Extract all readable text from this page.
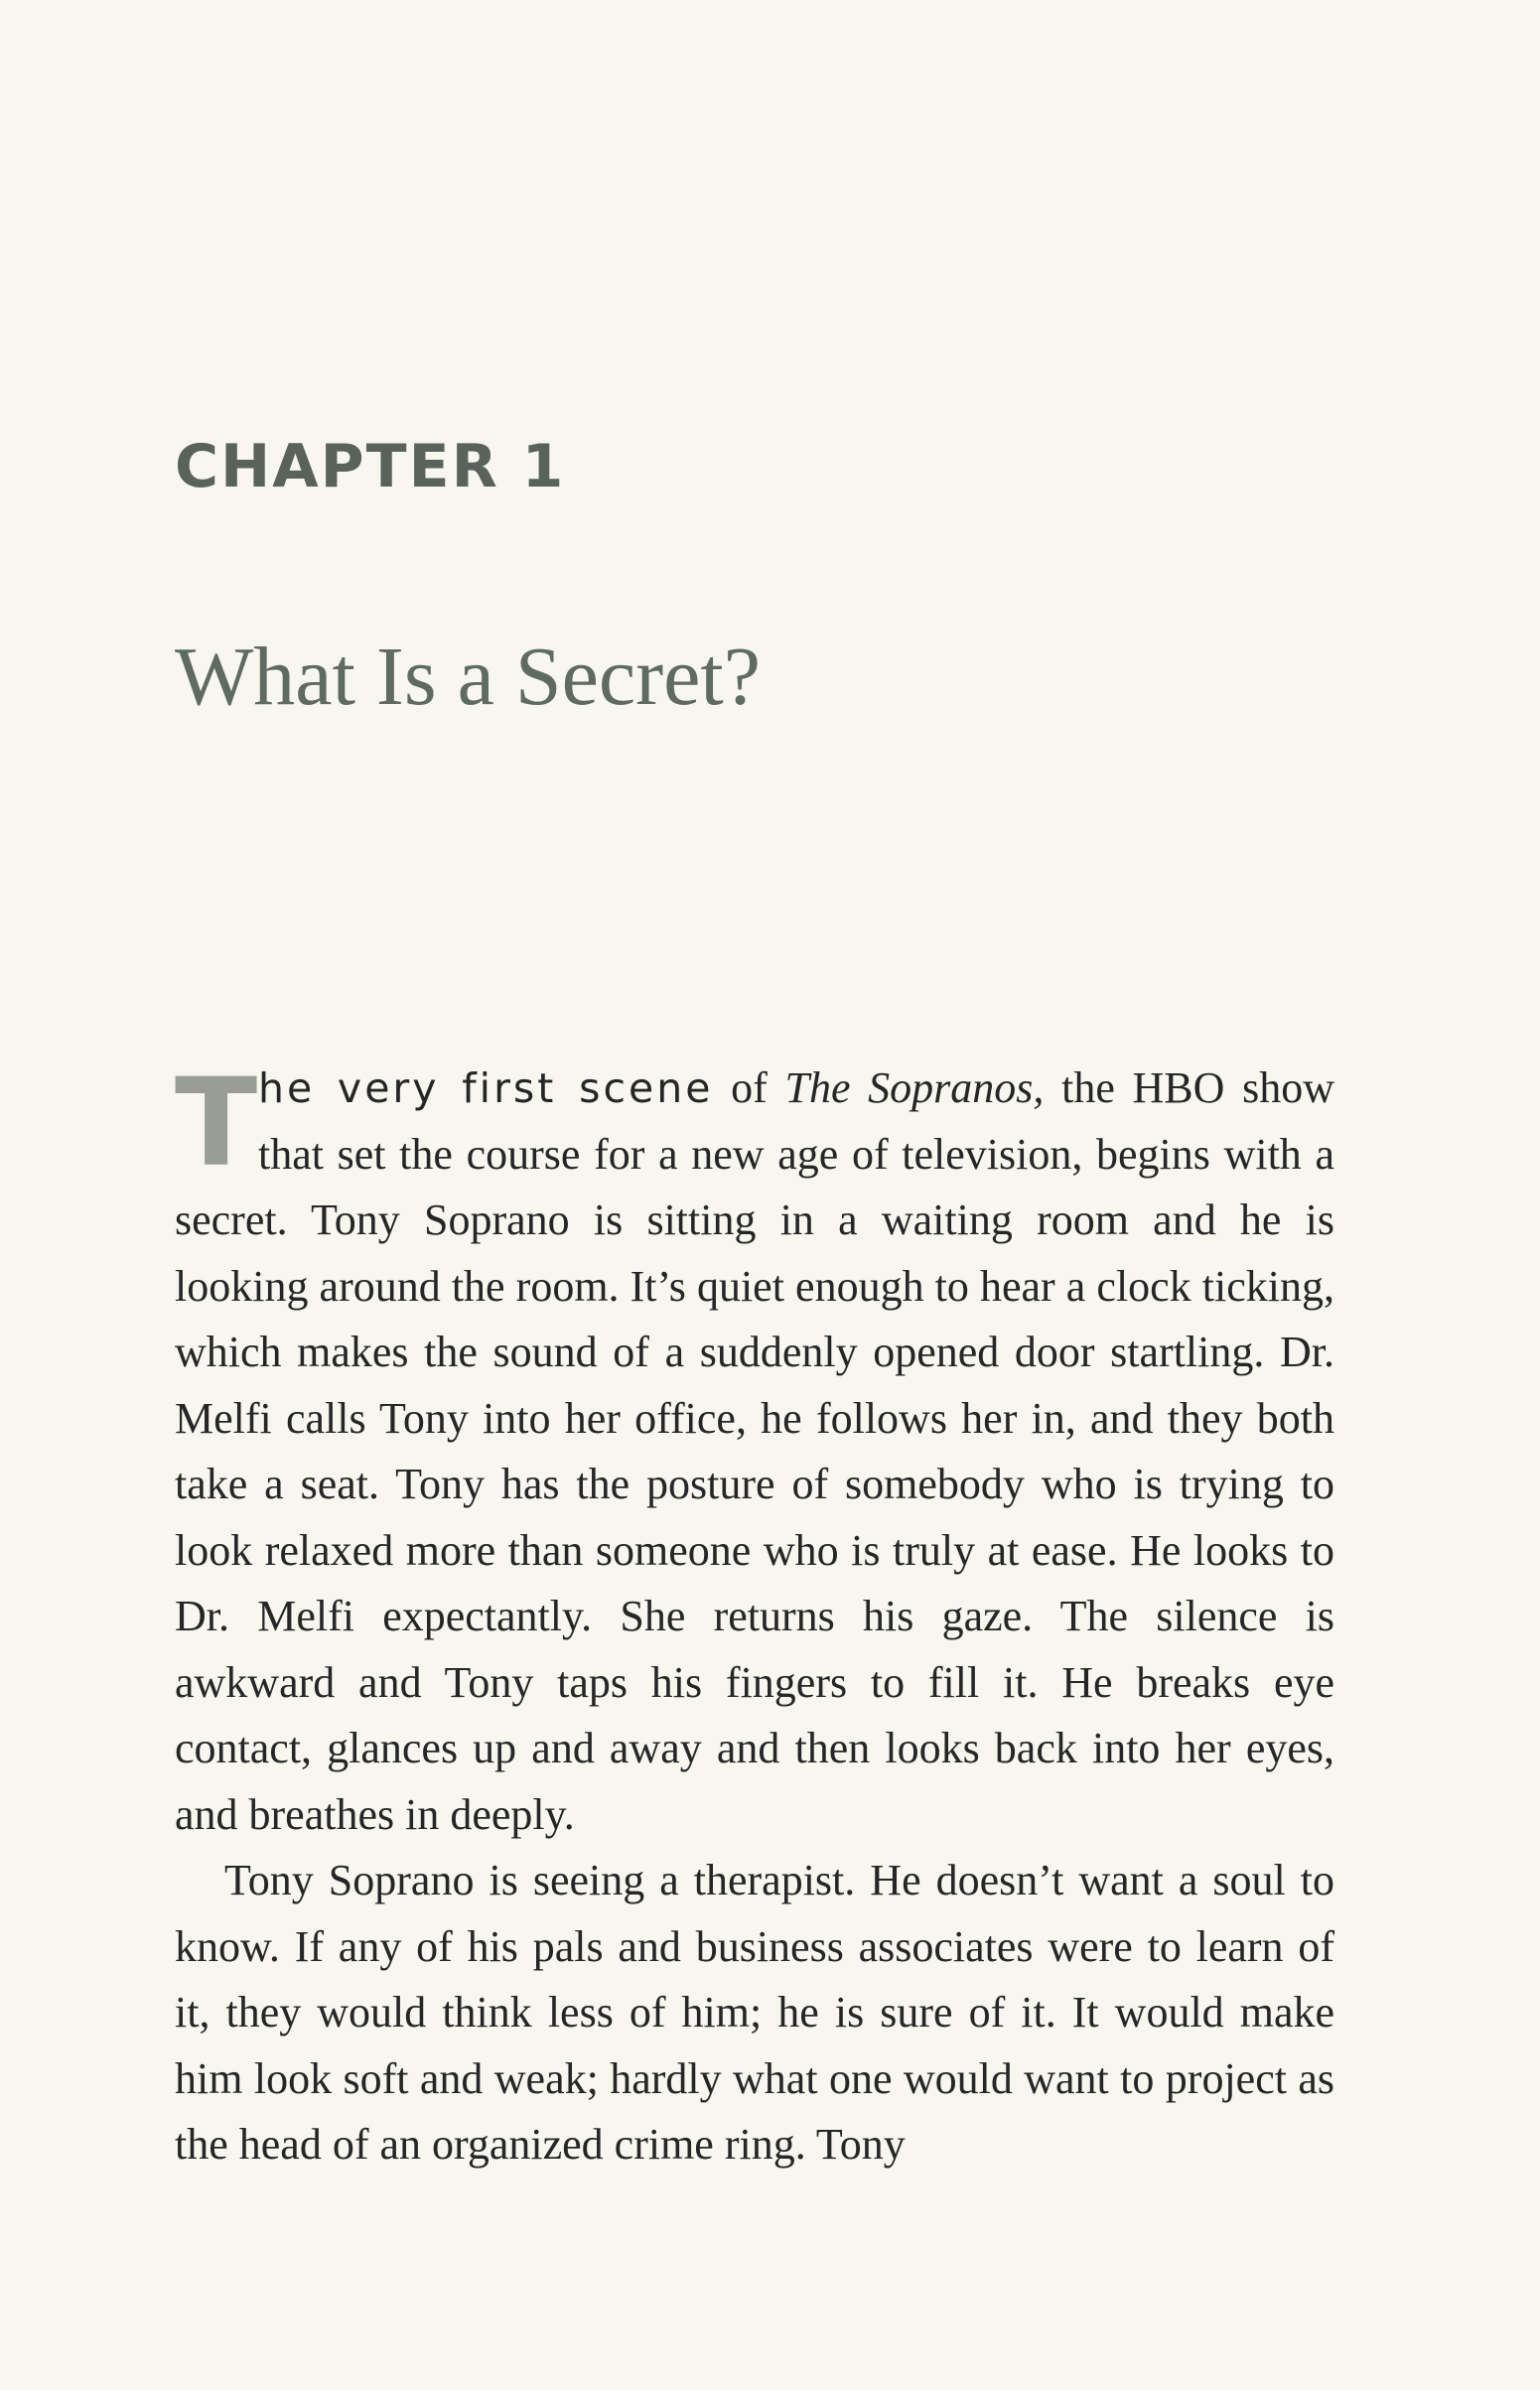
CHAPTER 1
What Is a Secret?

The very first scene of The Sopranos, the HBO show that set the course for a new age of television, begins with a secret. Tony Soprano is sitting in a waiting room and he is looking around the room. It’s quiet enough to hear a clock ticking, which makes the sound of a suddenly opened door startling. Dr. Melfi calls Tony into her office, he follows her in, and they both take a seat. Tony has the posture of somebody who is trying to look relaxed more than someone who is truly at ease. He looks to Dr. Melfi expectantly. She returns his gaze. The silence is awkward and Tony taps his fingers to fill it. He breaks eye contact, glances up and away and then looks back into her eyes, and breathes in deeply.

Tony Soprano is seeing a therapist. He doesn’t want a soul to know. If any of his pals and business associates were to learn of it, they would think less of him; he is sure of it. It would make him look soft and weak; hardly what one would want to project as the head of an organized crime ring. Tony
